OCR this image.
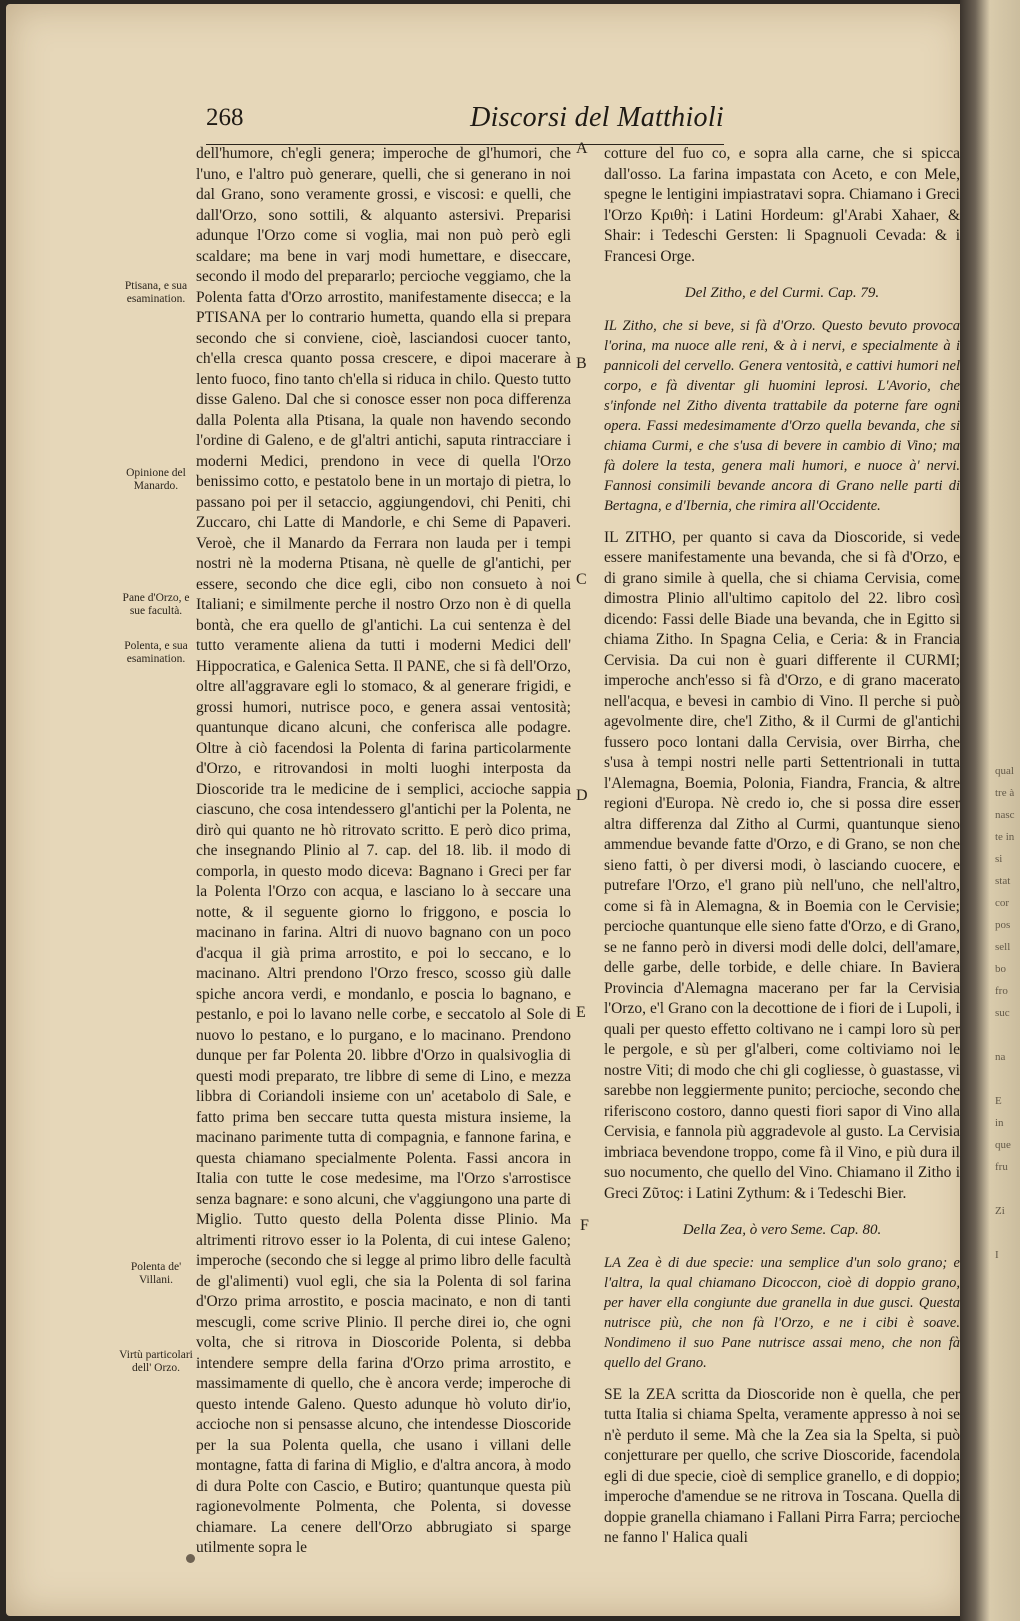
268	Discorsi del Matthioli
Ptisana, e sua esamination.
Opinione del Manardo.
Pane d'Orzo, e sue facultà.
Polenta, e sua esamination.
Polenta de' Villani.
Virtù particolari dell' Orzo.
A
B
C
D
E
F

dell'humore, ch'egli genera; imperoche de gl'humori, che l'uno, e l'altro può generare, quelli, che si generano in noi dal Grano, sono veramente grossi, e viscosi: e quelli, che dall'Orzo, sono sottili, & alquanto astersivi. Preparisi adunque l'Orzo come si voglia, mai non può però egli scaldare; ma bene in varj modi humettare, e diseccare, secondo il modo del prepararlo; percioche veggiamo, che la Polenta fatta d'Orzo arrostito, manifestamente disecca; e la PTISANA per lo contrario humetta, quando ella si prepara secondo che si conviene, cioè, lasciandosi cuocer tanto, ch'ella cresca quanto possa crescere, e dipoi macerare à lento fuoco, fino tanto ch'ella si riduca in chilo. Questo tutto disse Galeno. Dal che si conosce esser non poca differenza dalla Polenta alla Ptisana, la quale non havendo secondo l'ordine di Galeno, e de gl'altri antichi, saputa rintracciare i moderni Medici, prendono in vece di quella l'Orzo benissimo cotto, e pestatolo bene in un mortajo di pietra, lo passano poi per il setaccio, aggiungendovi, chi Peniti, chi Zuccaro, chi Latte di Mandorle, e chi Seme di Papaveri. Veroè, che il Manardo da Ferrara non lauda per i tempi nostri nè la moderna Ptisana, nè quelle de gl'antichi, per essere, secondo che dice egli, cibo non consueto à noi Italiani; e similmente perche il nostro Orzo non è di quella bontà, che era quello de gl'antichi. La cui sentenza è del tutto veramente aliena da tutti i moderni Medici dell' Hippocratica, e Galenica Setta. Il PANE, che si fà dell'Orzo, oltre all'aggravare egli lo stomaco, & al generare frigidi, e grossi humori, nutrisce poco, e genera assai ventosità; quantunque dicano alcuni, che conferisca alle podagre. Oltre à ciò facendosi la Polenta di farina particolarmente d'Orzo, e ritrovandosi in molti luoghi interposta da Dioscoride tra le medicine de i semplici, accioche sappia ciascuno, che cosa intendessero gl'antichi per la Polenta, ne dirò qui quanto ne hò ritrovato scritto. E però dico prima, che insegnando Plinio al 7. cap. del 18. lib. il modo di comporla, in questo modo diceva: Bagnano i Greci per far la Polenta l'Orzo con acqua, e lasciano lo à seccare una notte, & il seguente giorno lo friggono, e poscia lo macinano in farina. Altri di nuovo bagnano con un poco d'acqua il già prima arrostito, e poi lo seccano, e lo macinano. Altri prendono l'Orzo fresco, scosso giù dalle spiche ancora verdi, e mondanlo, e poscia lo bagnano, e pestanlo, e poi lo lavano nelle corbe, e seccatolo al Sole di nuovo lo pestano, e lo purgano, e lo macinano. Prendono dunque per far Polenta 20. libbre d'Orzo in qualsivoglia di questi modi preparato, tre libbre di seme di Lino, e mezza libbra di Coriandoli insieme con un' acetabolo di Sale, e fatto prima ben seccare tutta questa mistura insieme, la macinano parimente tutta di compagnia, e fannone farina, e questa chiamano specialmente Polenta. Fassi ancora in Italia con tutte le cose medesime, ma l'Orzo s'arrostisce senza bagnare: e sono alcuni, che v'aggiungono una parte di Miglio. Tutto questo della Polenta disse Plinio. Ma altrimenti ritrovo esser io la Polenta, di cui intese Galeno; imperoche (secondo che si legge al primo libro delle facultà de gl'alimenti) vuol egli, che sia la Polenta di sol farina d'Orzo prima arrostito, e poscia macinato, e non di tanti mescugli, come scrive Plinio. Il perche direi io, che ogni volta, che si ritrova in Dioscoride Polenta, si debba intendere sempre della farina d'Orzo prima arrostito, e massimamente di quello, che è ancora verde; imperoche di questo intende Galeno. Questo adunque hò voluto dir'io, accioche non si pensasse alcuno, che intendesse Dioscoride per la sua Polenta quella, che usano i villani delle montagne, fatta di farina di Miglio, e d'altra ancora, à modo di dura Polte con Cascio, e Butiro; quantunque questa più ragionevolmente Polmenta, che Polenta, si dovesse chiamare. La cenere dell'Orzo abbrugiato si sparge utilmente sopra le

cotture del fuo co, e sopra alla carne, che si spicca dall'osso. La farina impastata con Aceto, e con Mele, spegne le lentigini impiastratavi sopra. Chiamano i Greci l'Orzo Κριθὴ: i Latini Hordeum: gl'Arabi Xahaer, & Shair: i Tedeschi Gersten: li Spagnuoli Cevada: & i Francesi Orge.

Del Zitho, e del Curmi. Cap. 79.

IL Zitho, che si beve, si fà d'Orzo. Questo bevuto provoca l'orina, ma nuoce alle reni, & à i nervi, e specialmente à i pannicoli del cervello. Genera ventosità, e cattivi humori nel corpo, e fà diventar gli huomini leprosi. L'Avorio, che s'infonde nel Zitho diventa trattabile da poterne fare ogni opera. Fassi medesimamente d'Orzo quella bevanda, che si chiama Curmi, e che s'usa di bevere in cambio di Vino; ma fà dolere la testa, genera mali humori, e nuoce à' nervi. Fannosi consimili bevande ancora di Grano nelle parti di Bertagna, e d'Ibernia, che rimira all'Occidente.

IL ZITHO, per quanto si cava da Dioscoride, si vede essere manifestamente una bevanda, che si fà d'Orzo, e di grano simile à quella, che si chiama Cervisia, come dimostra Plinio all'ultimo capitolo del 22. libro così dicendo: Fassi delle Biade una bevanda, che in Egitto si chiama Zitho. In Spagna Celia, e Ceria: & in Francia Cervisia. Da cui non è guari differente il CURMI; imperoche anch'esso si fà d'Orzo, e di grano macerato nell'acqua, e bevesi in cambio di Vino. Il perche si può agevolmente dire, che'l Zitho, & il Curmi de gl'antichi fussero poco lontani dalla Cervisia, over Birrha, che s'usa à tempi nostri nelle parti Settentrionali in tutta l'Alemagna, Boemia, Polonia, Fiandra, Francia, & altre regioni d'Europa. Nè credo io, che si possa dire esser altra differenza dal Zitho al Curmi, quantunque sieno ammendue bevande fatte d'Orzo, e di Grano, se non che sieno fatti, ò per diversi modi, ò lasciando cuocere, e putrefare l'Orzo, e'l grano più nell'uno, che nell'altro, come si fà in Alemagna, & in Boemia con le Cervisie; percioche quantunque elle sieno fatte d'Orzo, e di Grano, se ne fanno però in diversi modi delle dolci, dell'amare, delle garbe, delle torbide, e delle chiare. In Baviera Provincia d'Alemagna macerano per far la Cervisia l'Orzo, e'l Grano con la decottione de i fiori de i Lupoli, i quali per questo effetto coltivano ne i campi loro sù per le pergole, e sù per gl'alberi, come coltiviamo noi le nostre Viti; di modo che chi gli cogliesse, ò guastasse, vi sarebbe non leggiermente punito; percioche, secondo che riferiscono costoro, danno questi fiori sapor di Vino alla Cervisia, e fannola più aggradevole al gusto. La Cervisia imbriaca bevendone troppo, come fà il Vino, e più dura il suo nocumento, che quello del Vino. Chiamano il Zitho i Greci Ζῦτος: i Latini Zythum: & i Tedeschi Bier.

Della Zea, ò vero Seme. Cap. 80.

LA Zea è di due specie: una semplice d'un solo grano; e l'altra, la qual chiamano Dicoccon, cioè di doppio grano, per haver ella congiunte due granella in due gusci. Questa nutrisce più, che non fà l'Orzo, e ne i cibi è soave. Nondimeno il suo Pane nutrisce assai meno, che non fà quello del Grano.

SE la ZEA scritta da Dioscoride non è quella, che per tutta Italia si chiama Spelta, veramente appresso à noi se n'è perduto il seme. Mà che la Zea sia la Spelta, si può conjetturare per quello, che scrive Dioscoride, facendola egli di due specie, cioè di semplice granello, e di doppio; imperoche d'amendue se ne ritrova in Toscana. Quella di doppie granella chiamano i Fallani Pirra Farra; percioche ne fanno l' Halica quali

qual
tre à
nasc
te in
si
stat
cor
pos
sell
bo
fro
suc

na

E
in
que
fru

Zi

I
